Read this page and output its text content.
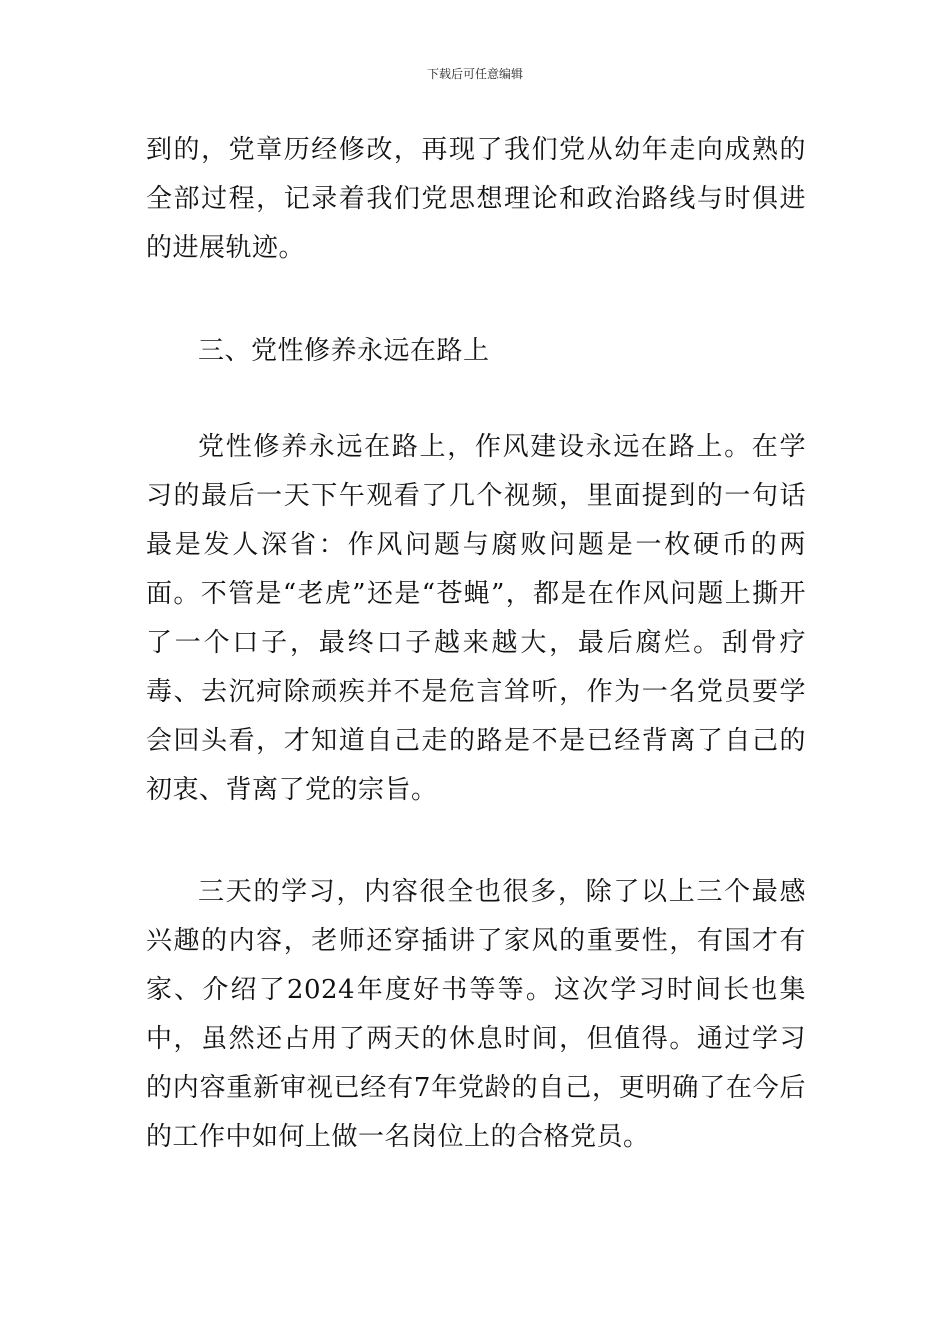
下载后可任意编辑

到的，党章历经修改，再现了我们党从幼年走向成熟的全部过程，记录着我们党思想理论和政治路线与时俱进的进展轨迹。

三、党性修养永远在路上

党性修养永远在路上，作风建设永远在路上。在学习的最后一天下午观看了几个视频，里面提到的一句话最是发人深省：作风问题与腐败问题是一枚硬币的两面。不管是“老虎”还是“苍蝇”，都是在作风问题上撕开了一个口子，最终口子越来越大，最后腐烂。刮骨疗毒、去沉疴除顽疾并不是危言耸听，作为一名党员要学会回头看，才知道自己走的路是不是已经背离了自己的初衷、背离了党的宗旨。

三天的学习，内容很全也很多，除了以上三个最感兴趣的内容，老师还穿插讲了家风的重要性，有国才有家、介绍了2024年度好书等等。这次学习时间长也集中，虽然还占用了两天的休息时间，但值得。通过学习的内容重新审视已经有7年党龄的自己，更明确了在今后的工作中如何上做一名岗位上的合格党员。
